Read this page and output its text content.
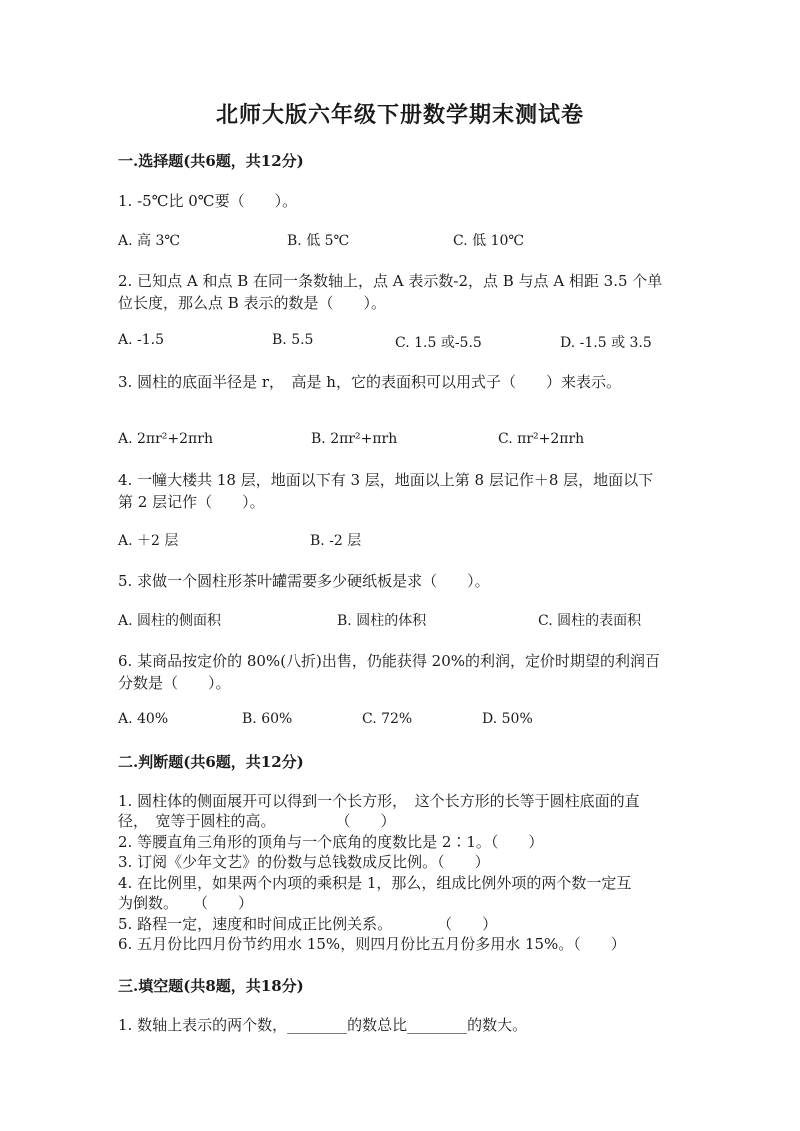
北师大版六年级下册数学期末测试卷
一.选择题(共6题，共12分)
1. -5℃比 0℃要（　　）。
A. 高 3℃	B. 低 5℃	C. 低 10℃
2. 已知点 A 和点 B 在同一条数轴上，点 A 表示数-2，点 B 与点 A 相距 3.5 个单
位长度，那么点 B 表示的数是（　　）。
A. -1.5	B. 5.5	C. 1.5 或-5.5	D. -1.5 或 3.5
3. 圆柱的底面半径是 r，　高是 h，它的表面积可以用式子（　　）来表示。
A. 2πr²+2πrh	B. 2πr²+πrh	C. πr²+2πrh
4. 一幢大楼共 18 层，地面以下有 3 层，地面以上第 8 层记作＋8 层，地面以下
第 2 层记作（　　）。
A. ＋2 层	B. -2 层
5. 求做一个圆柱形茶叶罐需要多少硬纸板是求（　　）。
A. 圆柱的侧面积	B. 圆柱的体积	C. 圆柱的表面积
6. 某商品按定价的 80%(八折)出售，仍能获得 20%的利润，定价时期望的利润百
分数是（　　）。
A. 40%	B. 60%	C. 72%	D. 50%
二.判断题(共6题，共12分)
1. 圆柱体的侧面展开可以得到一个长方形，　这个长方形的长等于圆柱底面的直
径，　宽等于圆柱的高。　　　　　（　　）
2. 等腰直角三角形的顶角与一个底角的度数比是 2∶1。（　　）
3. 订阅《少年文艺》的份数与总钱数成反比例。（　　）
4. 在比例里，如果两个内项的乘积是 1，那么，组成比例外项的两个数一定互
为倒数。　　（　　）
5. 路程一定，速度和时间成正比例关系。　　　　（　　）
6. 五月份比四月份节约用水 15%，则四月份比五月份多用水 15%。（　　）
三.填空题(共8题，共18分)
1. 数轴上表示的两个数，________的数总比________的数大。
